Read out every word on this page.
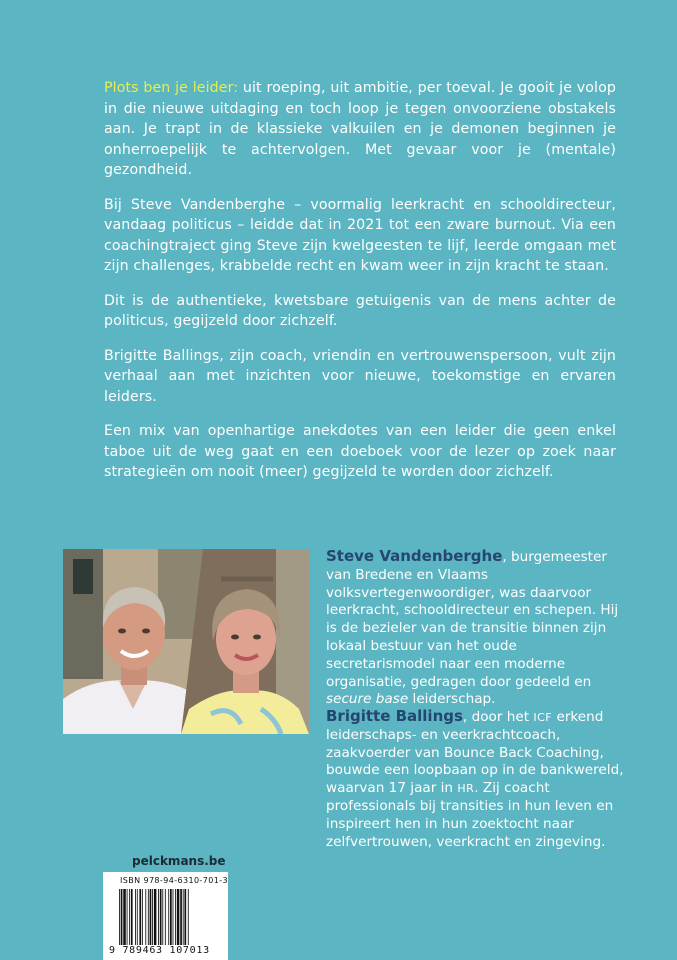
Plots ben je leider: uit roeping, uit ambitie, per toeval. Je gooit je volop in die nieuwe uitdaging en toch loop je tegen onvoorziene obstakels aan. Je trapt in de klassieke valkuilen en je demonen beginnen je onherroepelijk te achtervolgen. Met gevaar voor je (mentale) gezondheid.

Bij Steve Vandenberghe – voormalig leerkracht en schooldirecteur, vandaag politicus – leidde dat in 2021 tot een zware burnout. Via een coachingtraject ging Steve zijn kwelgeesten te lijf, leerde omgaan met zijn challenges, krabbelde recht en kwam weer in zijn kracht te staan.

Dit is de authentieke, kwetsbare getuigenis van de mens achter de politicus, gegijzeld door zichzelf.

Brigitte Ballings, zijn coach, vriendin en vertrouwenspersoon, vult zijn verhaal aan met inzichten voor nieuwe, toekomstige en ervaren leiders.

Een mix van openhartige anekdotes van een leider die geen enkel taboe uit de weg gaat en een doeboek voor de lezer op zoek naar strategieën om nooit (meer) gegijzeld te worden door zichzelf.

Steve Vandenberghe, burgemeester van Bredene en Vlaams volksvertegenwoordiger, was daarvoor leerkracht, schooldirecteur en schepen. Hij is de bezieler van de transitie binnen zijn lokaal bestuur van het oude secretarismodel naar een moderne organisatie, gedragen door gedeeld en secure base leiderschap.
Brigitte Ballings, door het ICF erkend leiderschaps- en veerkrachtcoach, zaakvoerder van Bounce Back Coaching, bouwde een loopbaan op in de bankwereld, waarvan 17 jaar in HR. Zij coacht professionals bij transities in hun leven en inspireert hen in hun zoektocht naar zelfvertrouwen, veerkracht en zingeving.
pelckmans.be
ISBN 978-94-6310-701-3
9 789463 107013
